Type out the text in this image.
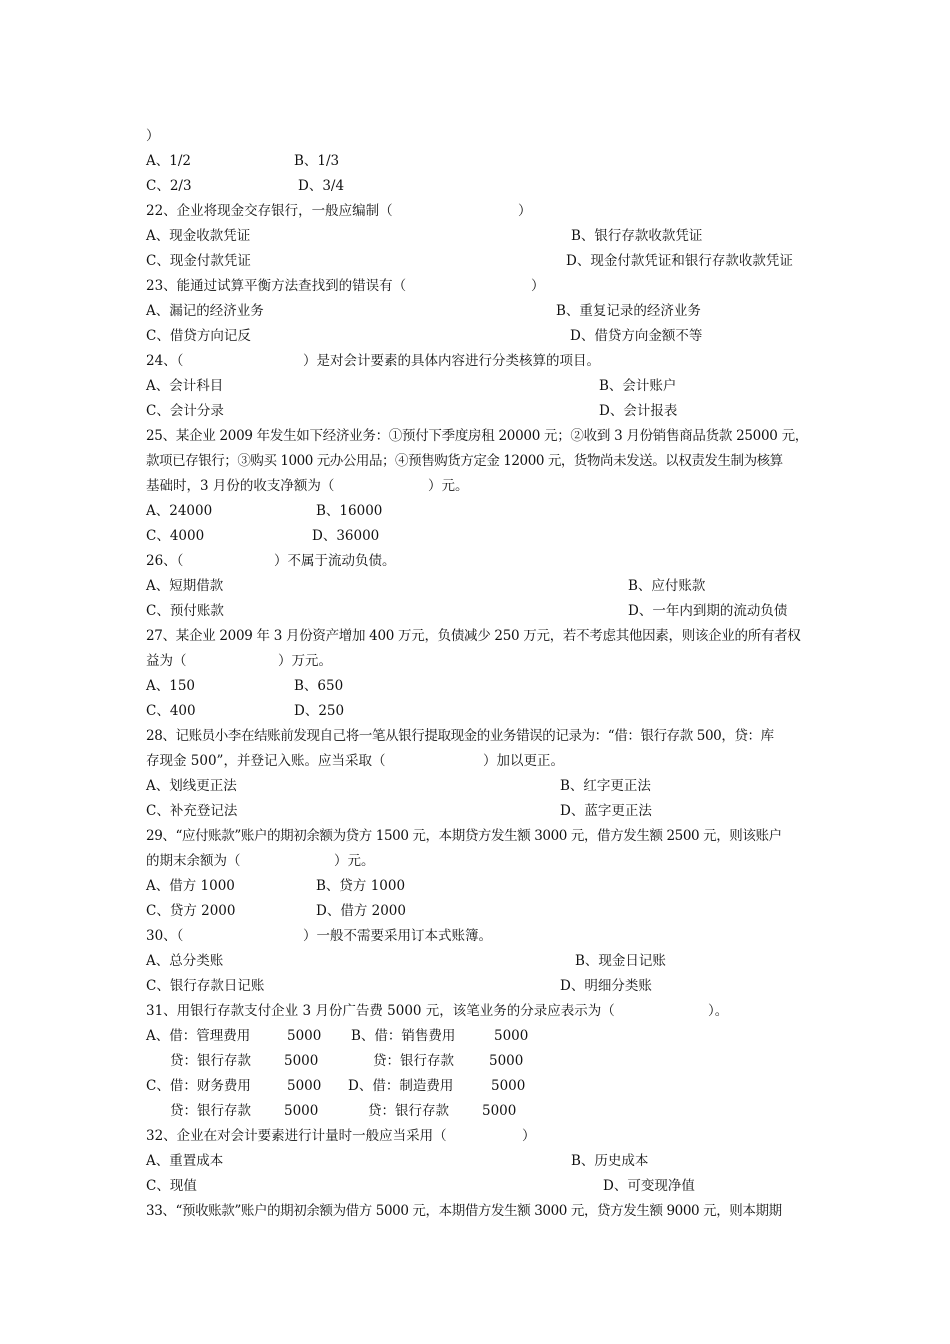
）
A、1/2	B、1/3
C、2/3	D、3/4
22、企业将现金交存银行，一般应编制（	）
A、现金收款凭证	B、银行存款收款凭证
C、现金付款凭证	D、现金付款凭证和银行存款收款凭证
23、能通过试算平衡方法查找到的错误有（	）
A、漏记的经济业务	B、重复记录的经济业务
C、借贷方向记反	D、借贷方向金额不等
24、（	）是对会计要素的具体内容进行分类核算的项目。
A、会计科目	B、会计账户
C、会计分录	D、会计报表
25、某企业 2009 年发生如下经济业务：①预付下季度房租 20000 元；②收到 3 月份销售商品货款 25000 元，
款项已存银行；③购买 1000 元办公用品；④预售购货方定金 12000 元，货物尚未发送。以权责发生制为核算
基础时，3 月份的收支净额为（	）元。
A、24000	B、16000
C、4000	D、36000
26、（	）不属于流动负债。
A、短期借款	B、应付账款
C、预付账款	D、一年内到期的流动负债
27、某企业 2009 年 3 月份资产增加 400 万元，负债减少 250 万元，若不考虑其他因素，则该企业的所有者权
益为（	）万元。
A、150	B、650
C、400	D、250
28、记账员小李在结账前发现自己将一笔从银行提取现金的业务错误的记录为：“借：银行存款 500，贷：库
存现金 500”，并登记入账。应当采取（	）加以更正。
A、划线更正法	B、红字更正法
C、补充登记法	D、蓝字更正法
29、“应付账款”账户的期初余额为贷方 1500 元，本期贷方发生额 3000 元，借方发生额 2500 元，则该账户
的期末余额为（	）元。
A、借方 1000	B、贷方 1000
C、贷方 2000	D、借方 2000
30、（	）一般不需要采用订本式账簿。
A、总分类账	B、现金日记账
C、银行存款日记账	D、明细分类账
31、用银行存款支付企业 3 月份广告费 5000 元，该笔业务的分录应表示为（	）。
A、借：管理费用	5000 B、借：销售费用	5000
贷：银行存款 5000	贷：银行存款	5000
C、借：财务费用	5000 D、借：制造费用	5000
贷：银行存款 5000	贷：银行存款 5000
32、企业在对会计要素进行计量时一般应当采用（	）
A、重置成本	B、历史成本
C、现值	D、可变现净值
33、“预收账款”账户的期初余额为借方 5000 元，本期借方发生额 3000 元，贷方发生额 9000 元，则本期期
